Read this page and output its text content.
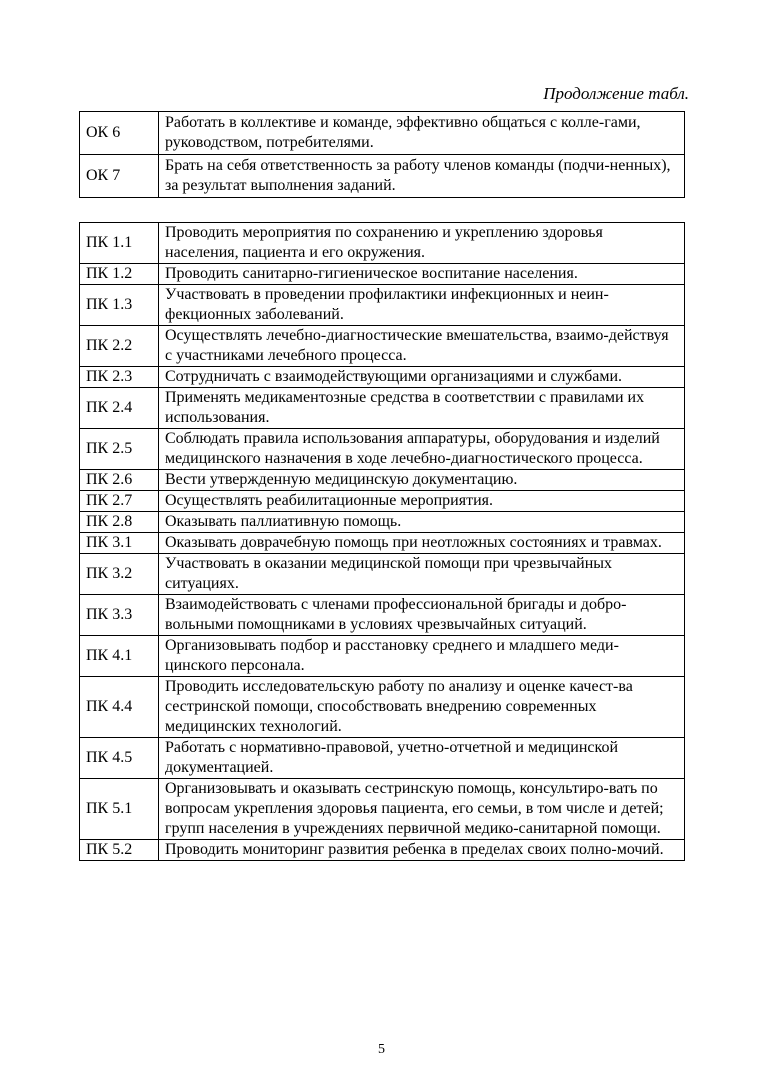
Продолжение табл.
ОК 6	Работать в коллективе и команде, эффективно общаться с колле-гами, руководством, потребителями.
ОК 7	Брать на себя ответственность за работу членов команды (подчи-ненных), за результат выполнения заданий.
ПК 1.1	Проводить мероприятия по сохранению и укреплению здоровья населения, пациента и его окружения.
ПК 1.2	Проводить санитарно-гигиеническое воспитание населения.
ПК 1.3	Участвовать в проведении профилактики инфекционных и неин-фекционных заболеваний.
ПК 2.2	Осуществлять лечебно-диагностические вмешательства, взаимо-действуя с участниками лечебного процесса.
ПК 2.3	Сотрудничать с взаимодействующими организациями и службами.
ПК 2.4	Применять медикаментозные средства в соответствии с правилами их использования.
ПК 2.5	Соблюдать правила использования аппаратуры, оборудования и изделий медицинского назначения в ходе лечебно-диагностического процесса.
ПК 2.6	Вести утвержденную медицинскую документацию.
ПК 2.7	Осуществлять реабилитационные мероприятия.
ПК 2.8	Оказывать паллиативную помощь.
ПК 3.1	Оказывать доврачебную помощь при неотложных состояниях и травмах.
ПК 3.2	Участвовать в оказании медицинской помощи при чрезвычайных ситуациях.
ПК 3.3	Взаимодействовать с членами профессиональной бригады и добро-вольными помощниками в условиях чрезвычайных ситуаций.
ПК 4.1	Организовывать подбор и расстановку среднего и младшего меди-цинского персонала.
ПК 4.4	Проводить исследовательскую работу по анализу и оценке качест-ва сестринской помощи, способствовать внедрению современных медицинских технологий.
ПК 4.5	Работать с нормативно-правовой, учетно-отчетной и медицинской документацией.
ПК 5.1	Организовывать и оказывать сестринскую помощь, консультиро-вать по вопросам укрепления здоровья пациента, его семьи, в том числе и детей; групп населения в учреждениях первичной медико-санитарной помощи.
ПК 5.2	Проводить мониторинг развития ребенка в пределах своих полно-мочий.
5
